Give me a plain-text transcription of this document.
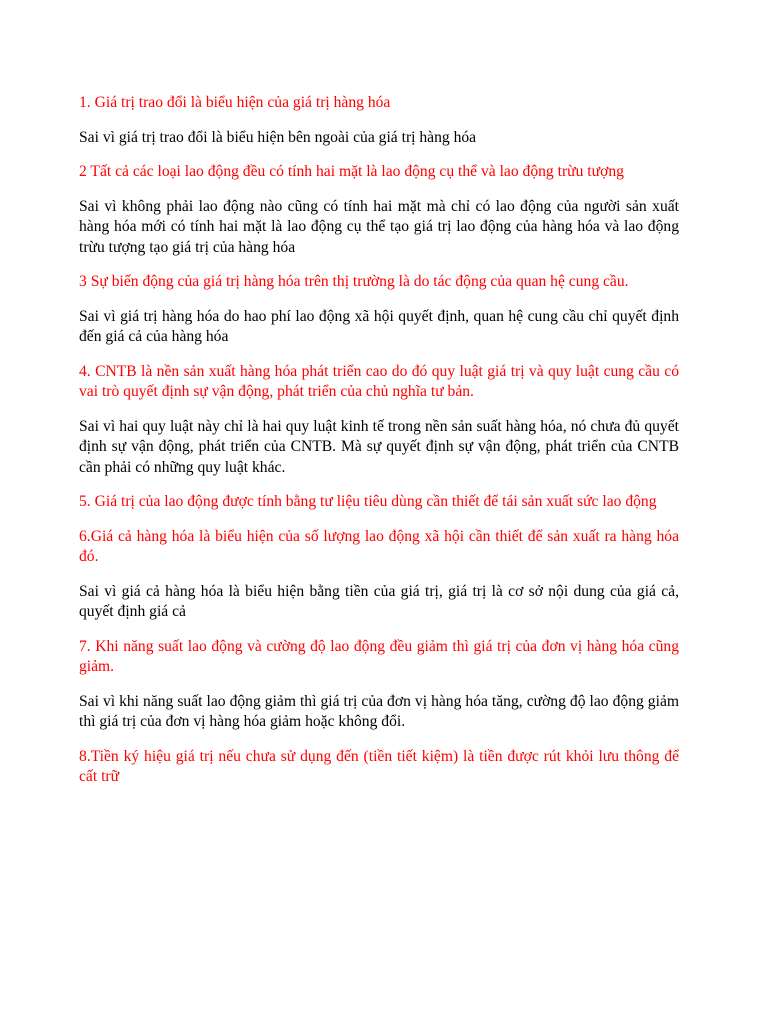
1. Giá trị trao đổi là biểu hiện của giá trị hàng hóa

Sai vì giá trị trao đổi là biểu hiện bên ngoài của giá trị hàng hóa

2 Tất cả các loại lao động đều có tính hai mặt là lao động cụ thể và lao động trừu tượng

Sai vì không phải lao động nào cũng có tính hai mặt mà chỉ có lao động của người sản xuất hàng hóa mới có tính hai mặt là lao động cụ thể tạo giá trị lao động của hàng hóa và lao động trừu tượng tạo giá trị của hàng hóa

3 Sự biến động của giá trị hàng hóa trên thị trường là do tác động của quan hệ cung cầu.

Sai vì giá trị hàng hóa do hao phí lao động xã hội quyết định, quan hệ cung cầu chỉ quyết định đến giá cả của hàng hóa

4. CNTB là nền sản xuất hàng hóa phát triển cao do đó quy luật giá trị và quy luật cung cầu có vai trò quyết định sự vận động, phát triển của chủ nghĩa tư bản.

Sai vì hai quy luật này chỉ là hai quy luật kinh tế trong nền sản suất hàng hóa, nó chưa đủ quyết định sự vận động, phát triển của CNTB. Mà sự quyết định sự vận động, phát triển của CNTB cần phải có những quy luật khác.

5. Giá trị của lao động được tính bằng tư liệu tiêu dùng cần thiết để tái sản xuất sức lao động

6.Giá cả hàng hóa là biểu hiện của số lượng lao động xã hội cần thiết để sản xuất ra hàng hóa đó.

Sai vì giá cả hàng hóa là biểu hiện bằng tiền của giá trị, giá trị là cơ sở nội dung của giá cả, quyết định giá cả

7. Khi năng suất lao động và cường độ lao động đều giảm thì giá trị của đơn vị hàng hóa cũng giảm.

Sai vì khi năng suất lao động giảm thì giá trị của đơn vị hàng hóa tăng, cường độ lao động giảm thì giá trị của đơn vị hàng hóa giảm hoặc không đổi.

8.Tiền ký hiệu giá trị nếu chưa sử dụng đến (tiền tiết kiệm) là tiền được rút khỏi lưu thông để cất trữ
